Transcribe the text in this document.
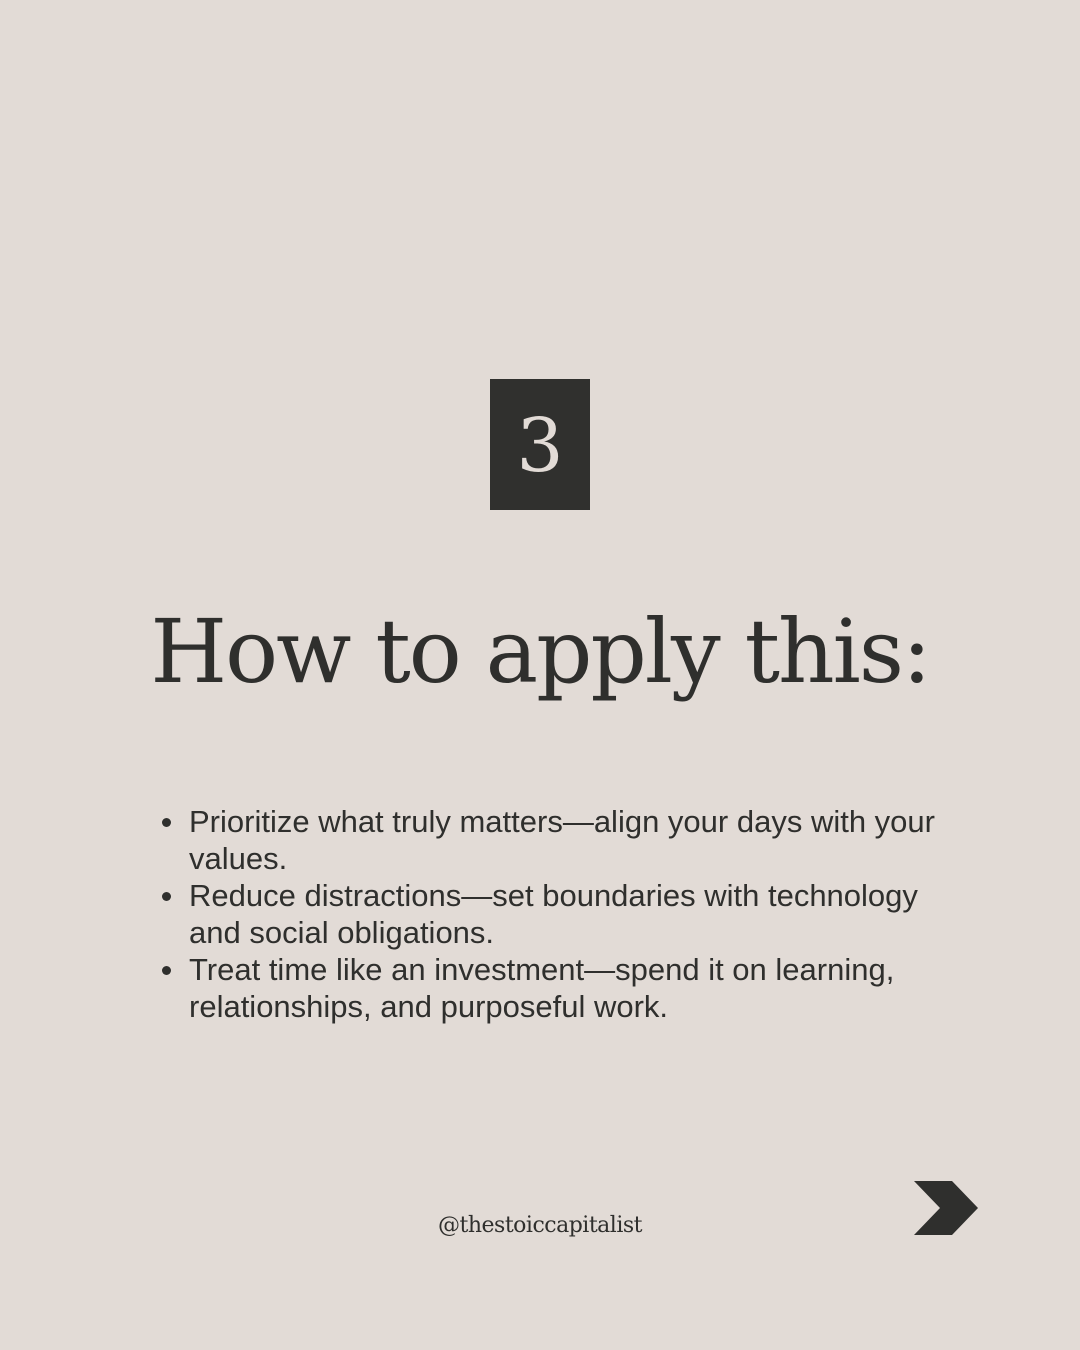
3
How to apply this:
Prioritize what truly matters—align your days with your values.
Reduce distractions—set boundaries with technology and social obligations.
Treat time like an investment—spend it on learning, relationships, and purposeful work.
@thestoiccapitalist
